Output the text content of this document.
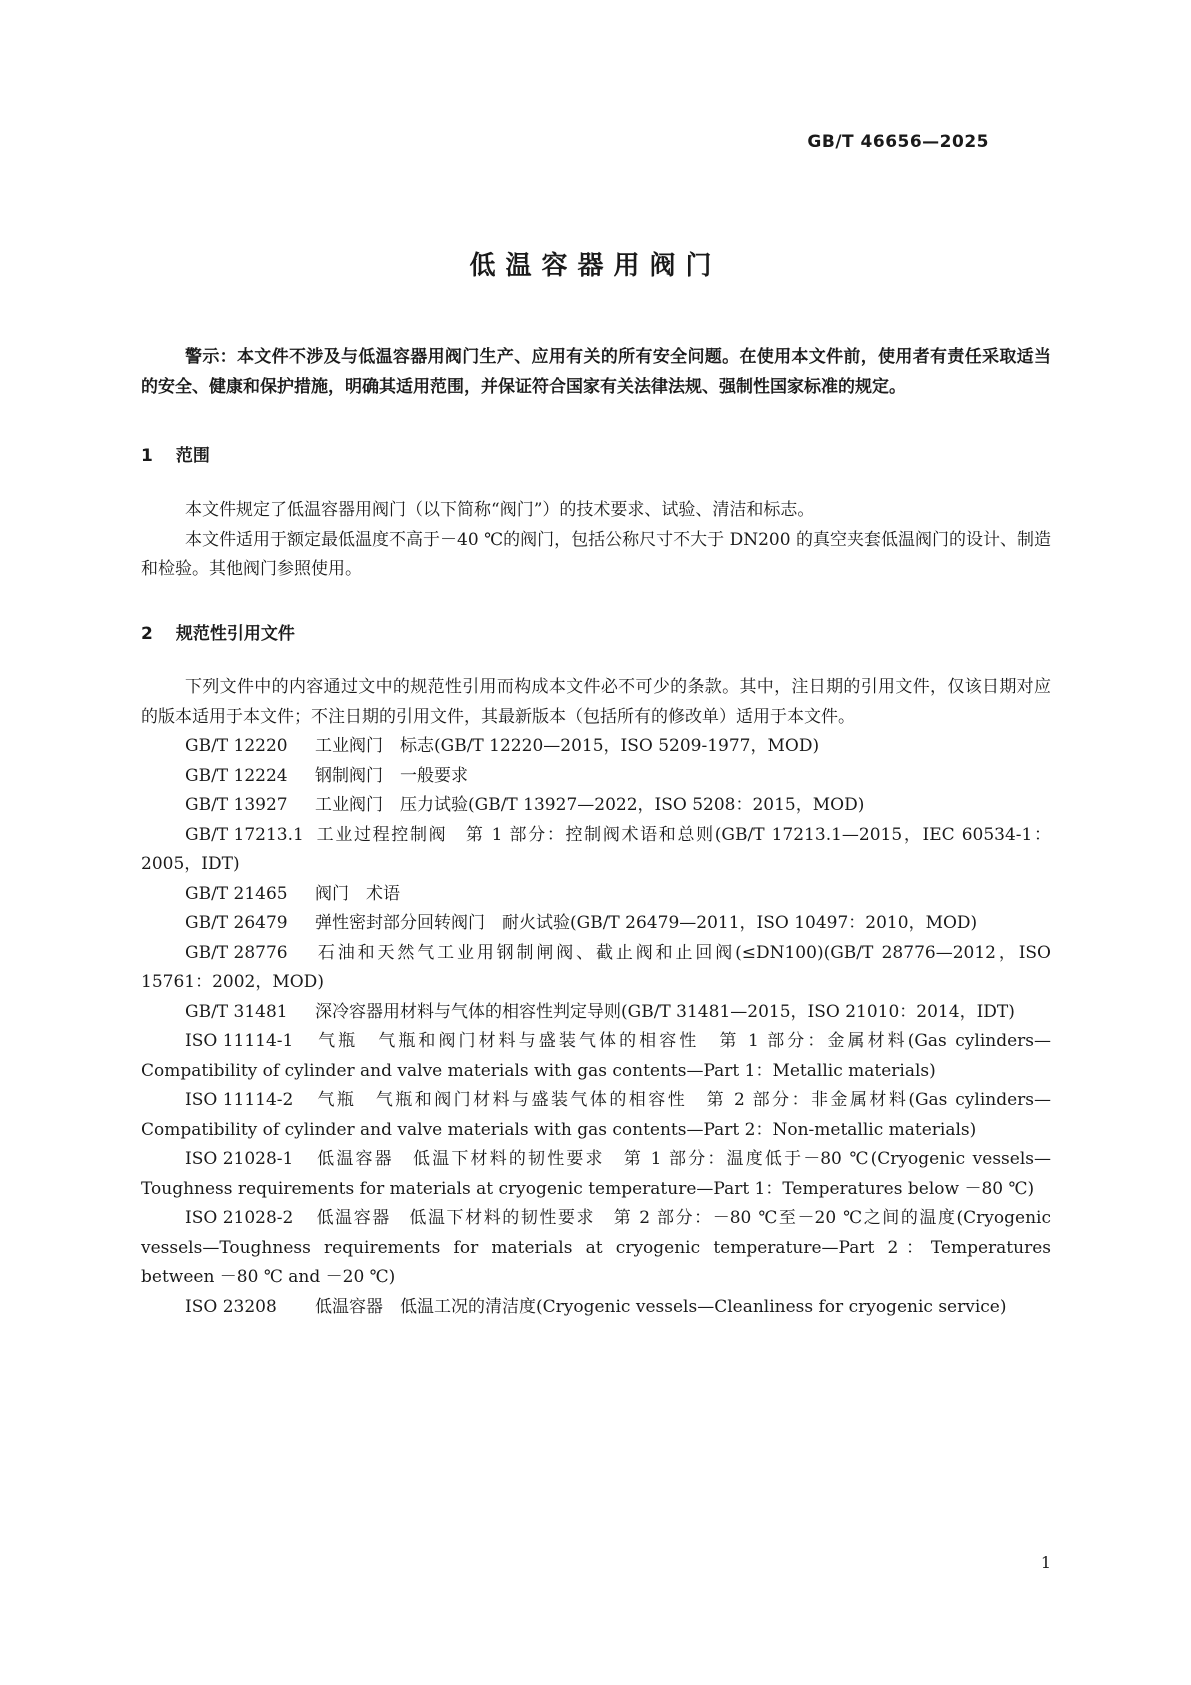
GB/T 46656—2025
低温容器用阀门
警示：本文件不涉及与低温容器用阀门生产、应用有关的所有安全问题。在使用本文件前，使用者有责任采取适当的安全、健康和保护措施，明确其适用范围，并保证符合国家有关法律法规、强制性国家标准的规定。
1 范围

本文件规定了低温容器用阀门（以下简称“阀门”）的技术要求、试验、清洁和标志。

本文件适用于额定最低温度不高于－40 ℃的阀门，包括公称尺寸不大于 DN200 的真空夹套低温阀门的设计、制造和检验。其他阀门参照使用。

2 规范性引用文件

下列文件中的内容通过文中的规范性引用而构成本文件必不可少的条款。其中，注日期的引用文件，仅该日期对应的版本适用于本文件；不注日期的引用文件，其最新版本（包括所有的修改单）适用于本文件。

GB/T 12220 工业阀门　标志(GB/T 12220—2015，ISO 5209-1977，MOD)

GB/T 12224 钢制阀门　一般要求

GB/T 13927 工业阀门　压力试验(GB/T 13927—2022，ISO 5208：2015，MOD)

GB/T 17213.1 工业过程控制阀　第 1 部分：控制阀术语和总则(GB/T 17213.1—2015，IEC 60534-1：2005，IDT)

GB/T 21465 阀门　术语

GB/T 26479 弹性密封部分回转阀门　耐火试验(GB/T 26479—2011，ISO 10497：2010，MOD)

GB/T 28776 石油和天然气工业用钢制闸阀、截止阀和止回阀(≤DN100)(GB/T 28776—2012，ISO 15761：2002，MOD)

GB/T 31481 深冷容器用材料与气体的相容性判定导则(GB/T 31481—2015，ISO 21010：2014，IDT)

ISO 11114-1 气瓶　气瓶和阀门材料与盛装气体的相容性　第 1 部分：金属材料(Gas cylinders—Compatibility of cylinder and valve materials with gas contents—Part 1：Metallic materials)

ISO 11114-2 气瓶　气瓶和阀门材料与盛装气体的相容性　第 2 部分：非金属材料(Gas cylinders—Compatibility of cylinder and valve materials with gas contents—Part 2：Non-metallic materials)

ISO 21028-1 低温容器　低温下材料的韧性要求　第 1 部分：温度低于－80 ℃(Cryogenic vessels—Toughness requirements for materials at cryogenic temperature—Part 1：Temperatures below －80 ℃)

ISO 21028-2 低温容器　低温下材料的韧性要求　第 2 部分：－80 ℃至－20 ℃之间的温度(Cryogenic vessels—Toughness requirements for materials at cryogenic temperature—Part 2：Temperatures between －80 ℃ and －20 ℃)

ISO 23208 低温容器　低温工况的清洁度(Cryogenic vessels—Cleanliness for cryogenic service)

1
